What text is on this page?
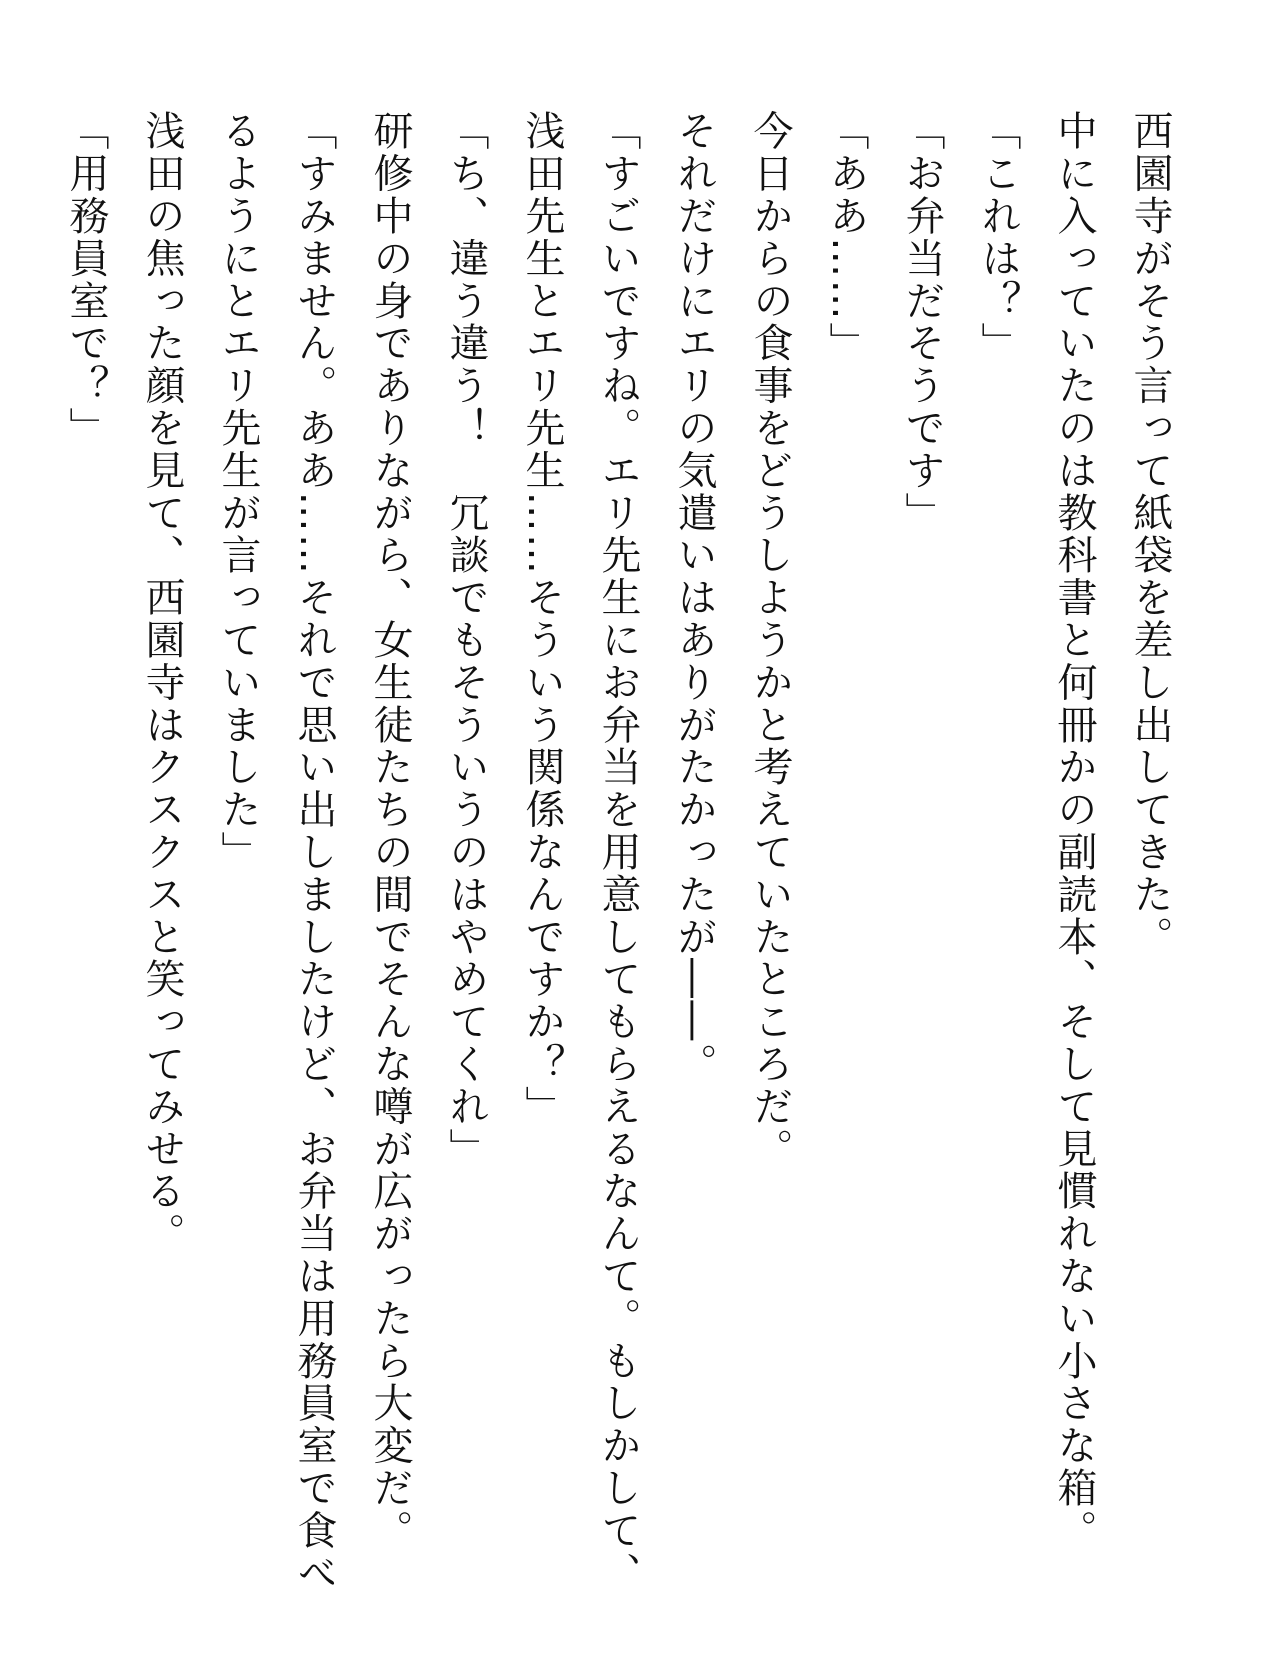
西園寺がそう言って紙袋を差し出してきた。
中に入っていたのは教科書と何冊かの副読本、そして見慣れない小さな箱。
「これは？」
「お弁当だそうです」
「ああ……」
今日からの食事をどうしようかと考えていたところだ。
それだけにエリの気遣いはありがたかったが――。
「すごいですね。エリ先生にお弁当を用意してもらえるなんて。もしかして、浅田先生とエリ先生……そういう関係なんですか？」
「ち、違う違う！　冗談でもそういうのはやめてくれ」
研修中の身でありながら、女生徒たちの間でそんな噂が広がったら大変だ。
「すみません。ああ……それで思い出しましたけど、お弁当は用務員室で食べるようにとエリ先生が言っていました」
浅田の焦った顔を見て、西園寺はクスクスと笑ってみせる。
「用務員室で？」
